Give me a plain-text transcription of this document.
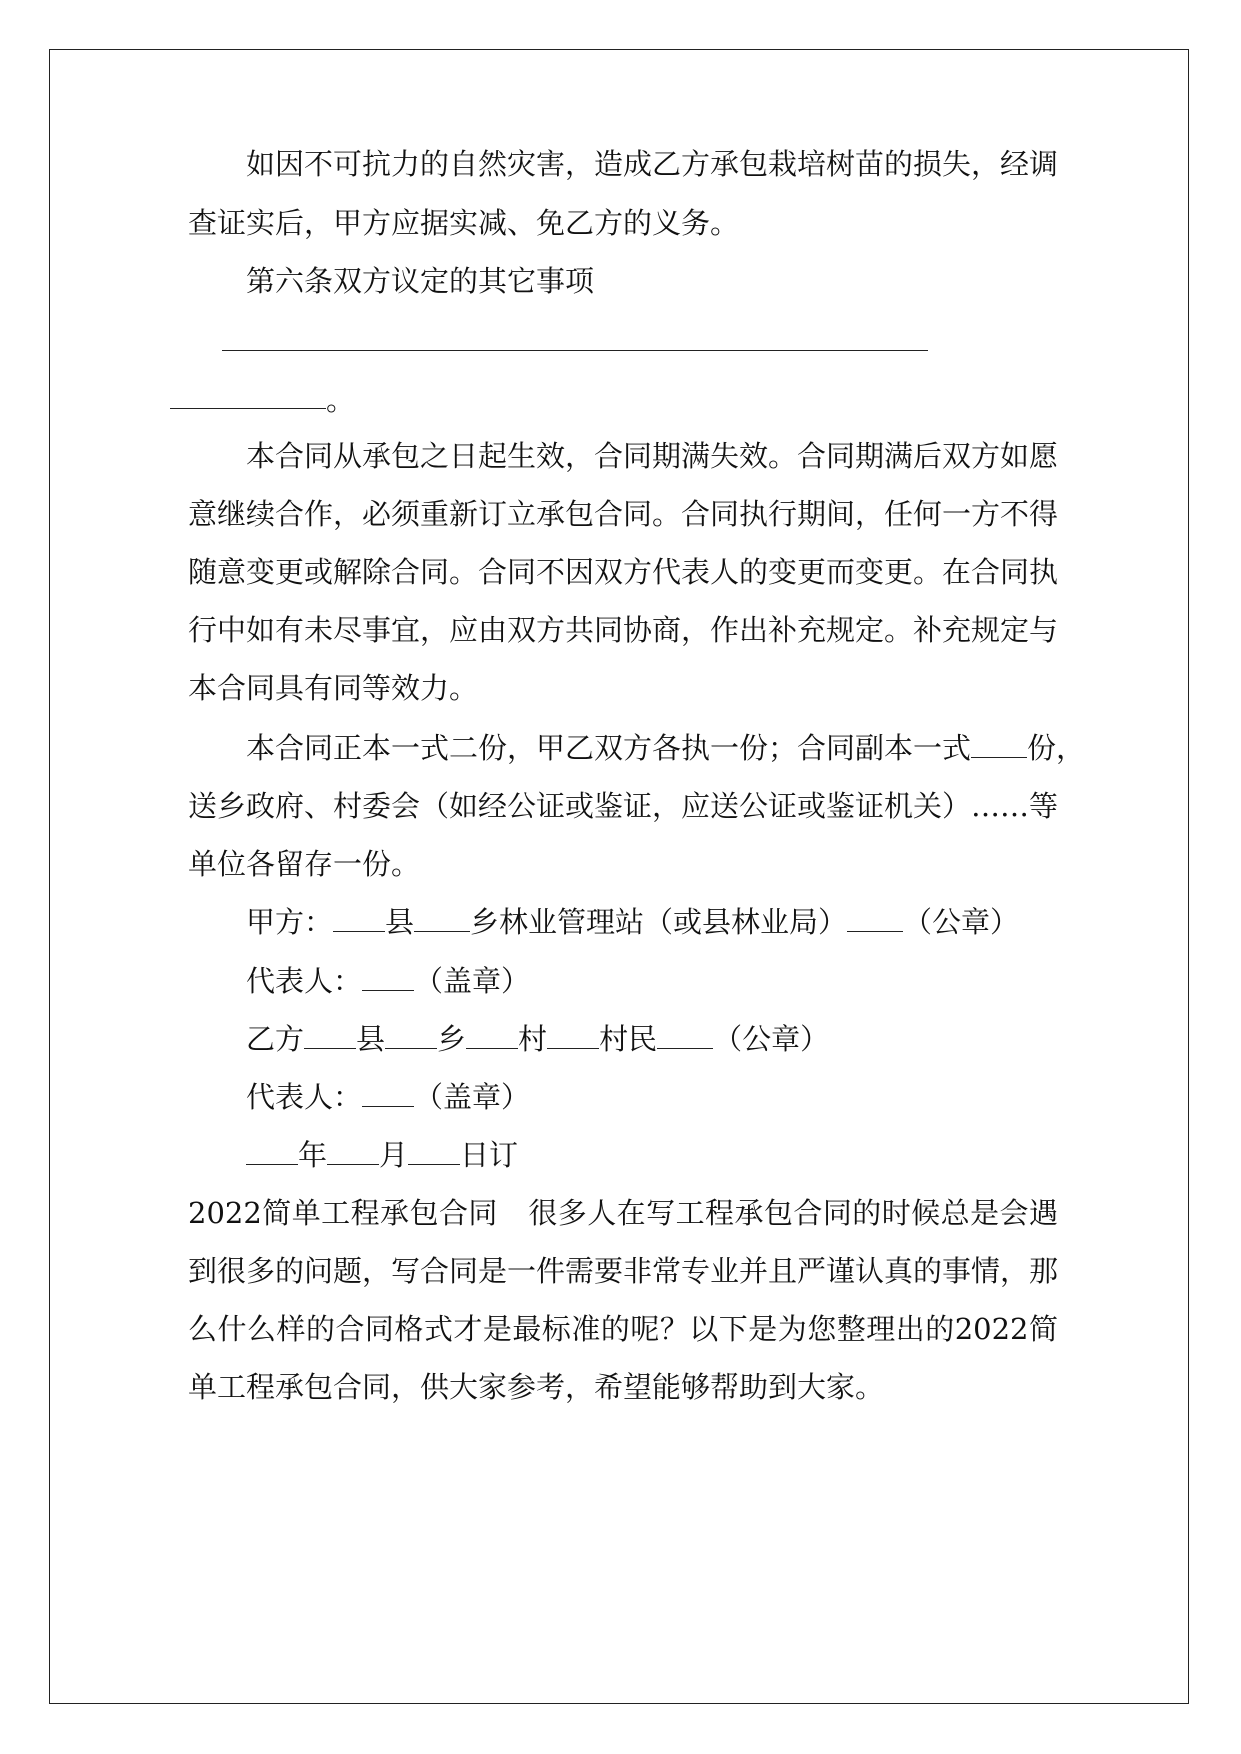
如因不可抗力的自然灾害，造成乙方承包栽培树苗的损失，经调
查证实后，甲方应据实减、免乙方的义务。
第六条双方议定的其它事项
。
本合同从承包之日起生效，合同期满失效。合同期满后双方如愿
意继续合作，必须重新订立承包合同。合同执行期间，任何一方不得
随意变更或解除合同。合同不因双方代表人的变更而变更。在合同执
行中如有未尽事宜，应由双方共同协商，作出补充规定。补充规定与
本合同具有同等效力。
本合同正本一式二份，甲乙双方各执一份；合同副本一式 份，
送乡政府、村委会（如经公证或鉴证，应送公证或鉴证机关）……等
单位各留存一份。
甲方： 县 乡林业管理站（或县林业局） （公章）
代表人： （盖章）
乙方 县 乡 村 村民 （公章）
代表人： （盖章）
年 月 日订
2022简单工程承包合同 很多人在写工程承包合同的时候总是会遇
到很多的问题，写合同是一件需要非常专业并且严谨认真的事情，那
么什么样的合同格式才是最标准的呢？以下是为您整理出的2022简
单工程承包合同，供大家参考，希望能够帮助到大家。
